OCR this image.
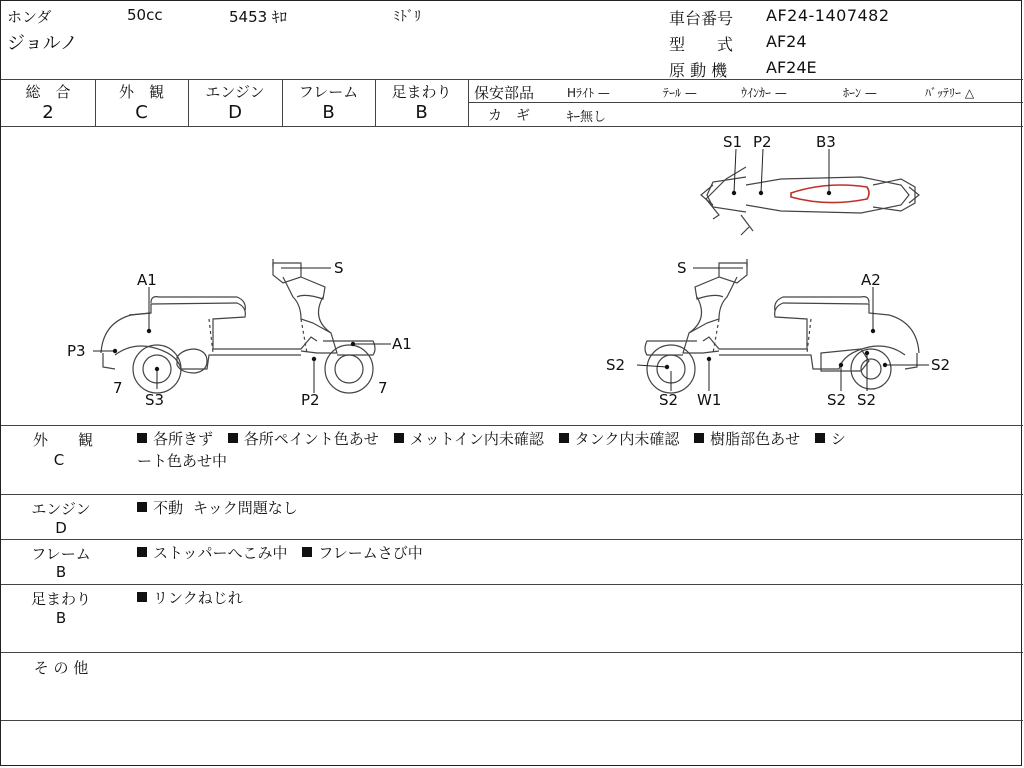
ホンダ	50cc	5453 ｷﾛ	ﾐﾄﾞﾘ
ジョルノ
車台番号 AF24-1407482
型　　式 AF24
原 動 機 AF24E
総　合
2
外　観
C
エンジン
D
フレーム
B
足まわり
B
保安部品	Hﾗｲﾄ —	ﾃｰﾙ —	ｳｲﾝｶｰ —	ﾎｰﾝ —	ﾊﾞｯﾃﾘｰ △
カ　ギ	ｷｰ無し
S1 P2	B3
S
A1
A1
P3
7
S3	P2
7
S
A2
S2	S2
S2 W1	S2 S2
外　　観
C
各所きず 各所ペイント色あせ メットイン内未確認 タンク内未確認 樹脂部色あせ シ
ート色あせ中
エンジン
D
不動 キック問題なし
フレーム
B
ストッパーへこみ中 フレームさび中
足まわり
B
リンクねじれ
そ の 他
